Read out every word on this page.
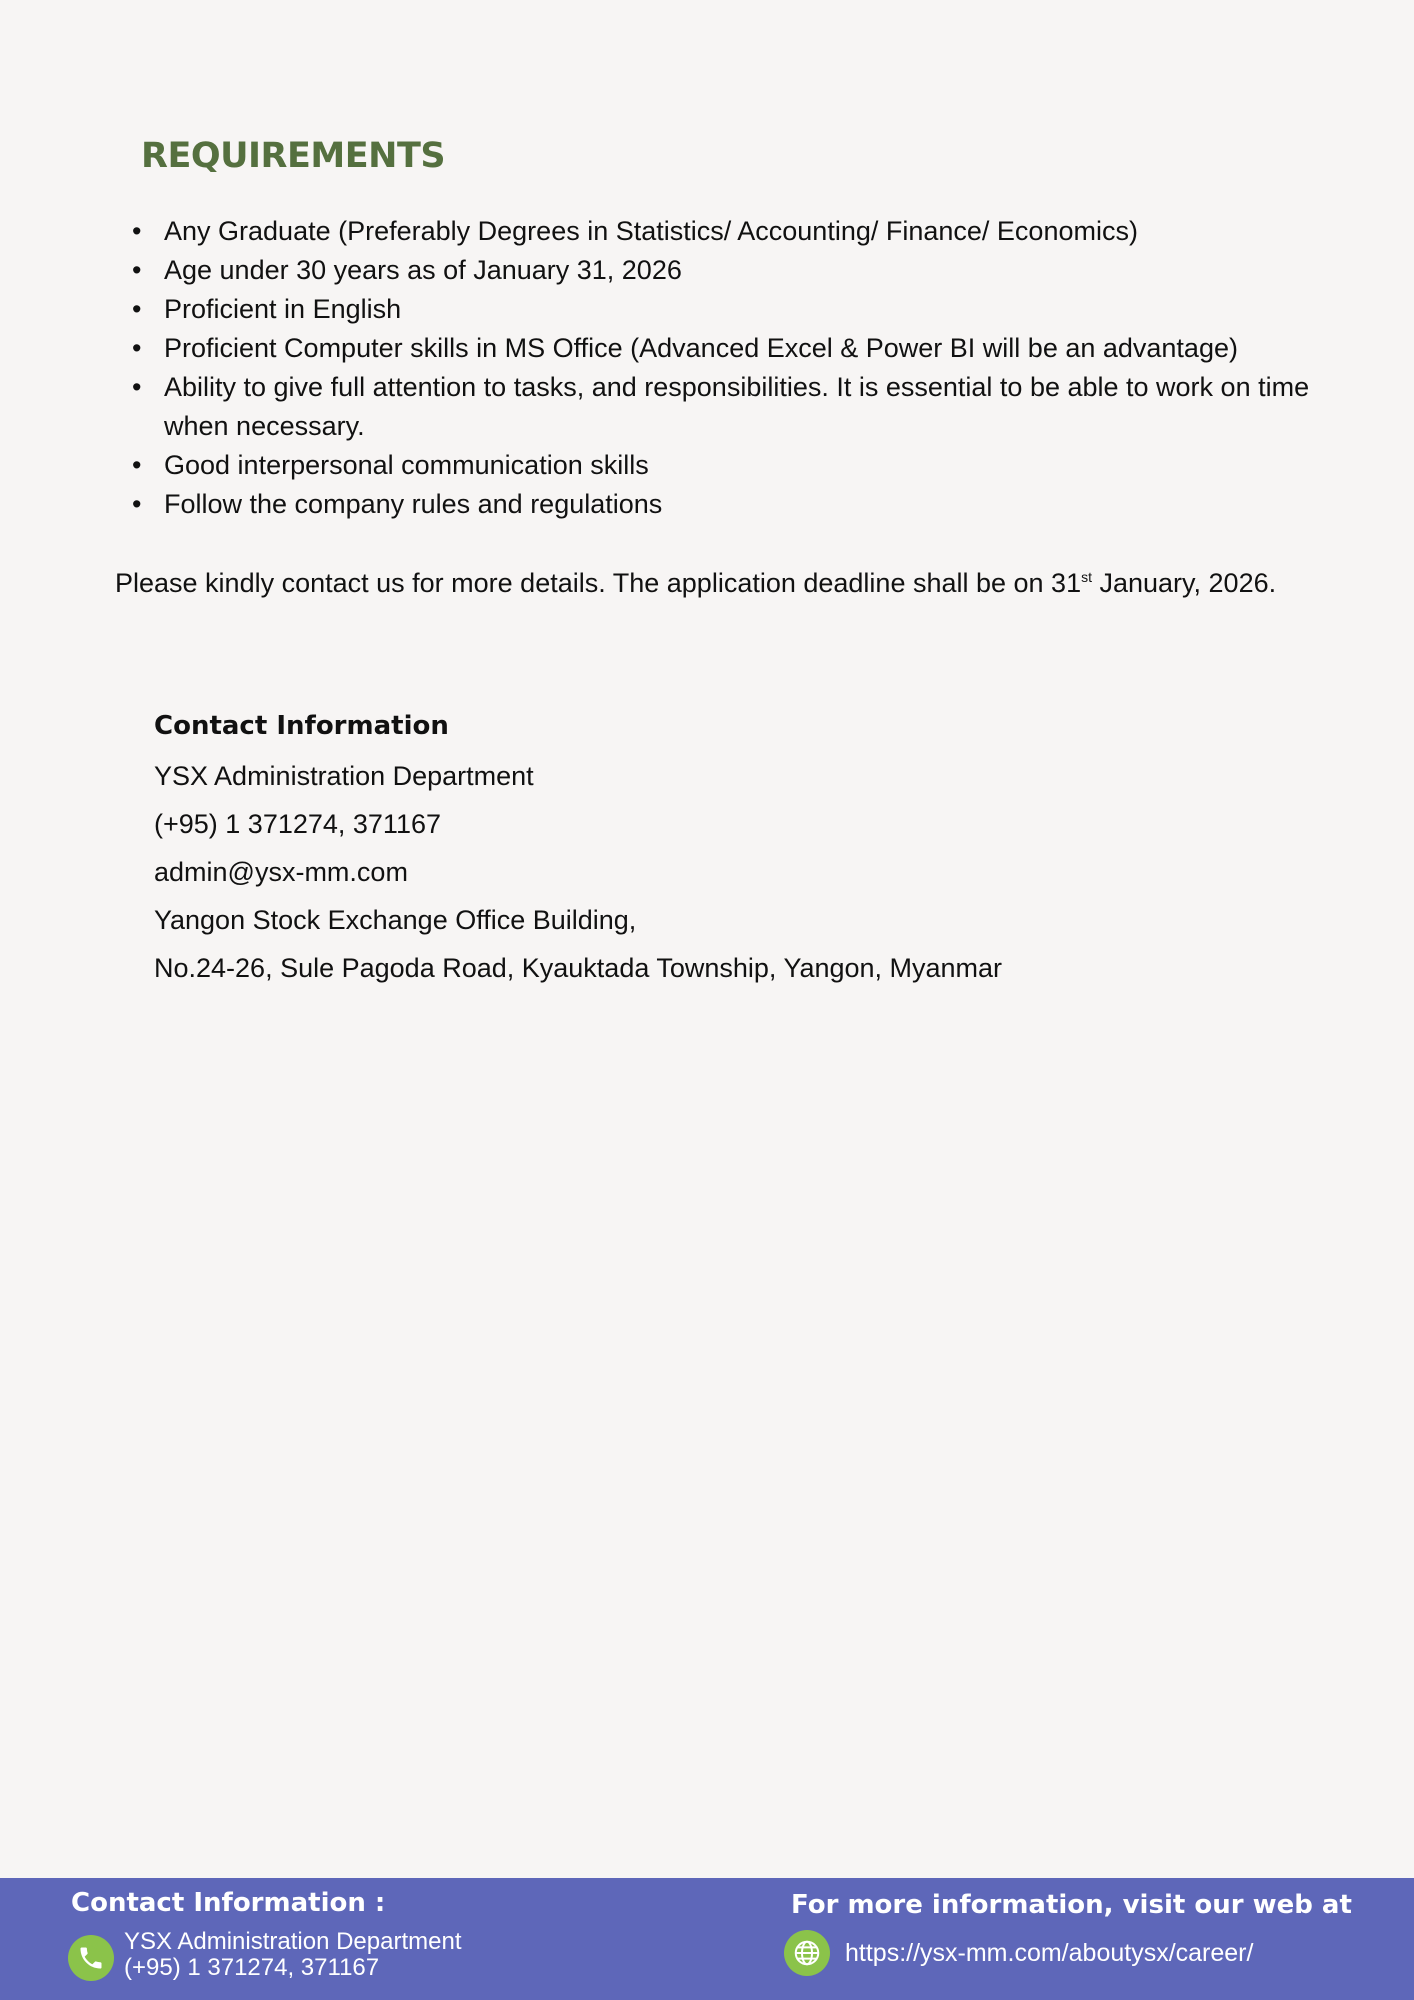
REQUIREMENTS
• Any Graduate (Preferably Degrees in Statistics/ Accounting/ Finance/ Economics)
• Age under 30 years as of January 31, 2026
• Proficient in English
• Proficient Computer skills in MS Office (Advanced Excel & Power BI will be an advantage)
• Ability to give full attention to tasks, and responsibilities. It is essential to be able to work on time when necessary.
• Good interpersonal communication skills
• Follow the company rules and regulations

Please kindly contact us for more details. The application deadline shall be on 31st January, 2026.

Contact Information
YSX Administration Department
(+95) 1 371274, 371167
admin@ysx-mm.com
Yangon Stock Exchange Office Building,
No.24-26, Sule Pagoda Road, Kyauktada Township, Yangon, Myanmar
Contact Information :
YSX Administration Department
(+95) 1 371274, 371167
For more information, visit our web at
https://ysx-mm.com/aboutysx/career/
